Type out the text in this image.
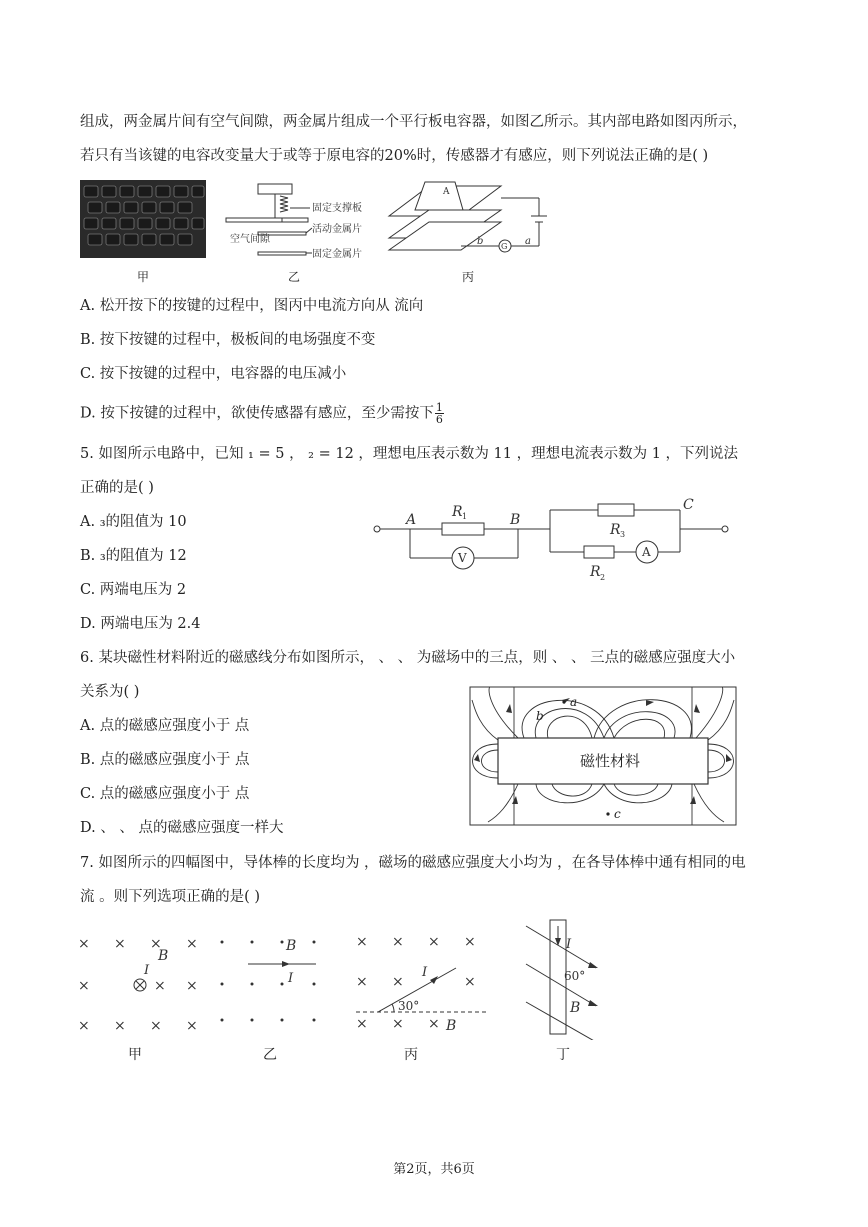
组成，两金属片间有空气间隙，两金属片组成一个平行板电容器，如图乙所示。其内部电路如图丙所示，
若只有当该键的电容改变量大于或等于原电容的20%时，传感器才有感应，则下列说法正确的是( )
固定支撑板
空气间隙
活动金属片
固定金属片
A
b G a
甲	乙	丙
A. 松开按下的按键的过程中，图丙中电流方向从 流向
B. 按下按键的过程中，极板间的电场强度不变
C. 按下按键的过程中，电容器的电压减小
D. 按下按键的过程中，欲使传感器有感应，至少需按下 $\frac{1}{6}$
5. 如图所示电路中，已知 ₁ = 5 ， ₂ = 12 ，理想电压表示数为 11 ，理想电流表示数为 1 ，下列说法
正确的是( )
A. ₃的阻值为 10
B. ₃的阻值为 12
C. 两端电压为 2
D. 两端电压为 2.4
A	B
C
R
R
R
1
3
2
V	A
6. 某块磁性材料附近的磁感线分布如图所示， 、 、 为磁场中的三点，则 、 、 三点的磁感应强度大小
关系为( )
A. 点的磁感应强度小于 点
B. 点的磁感应强度小于 点
C. 点的磁感应强度小于 点
D. 、 、 点的磁感应强度一样大
磁性材料
a
b
c
7. 如图所示的四幅图中，导体棒的长度均为 ，磁场的磁感应强度大小均为 ，在各导体棒中通有相同的电
流 。则下列选项正确的是( )
× × × ×
×	× ×
× × × ×
B
I
B
I
× × × ×
× ×	×
× × ×
30°
I
B
I
60°
B
甲	乙	丙	丁
第2页，共6页
